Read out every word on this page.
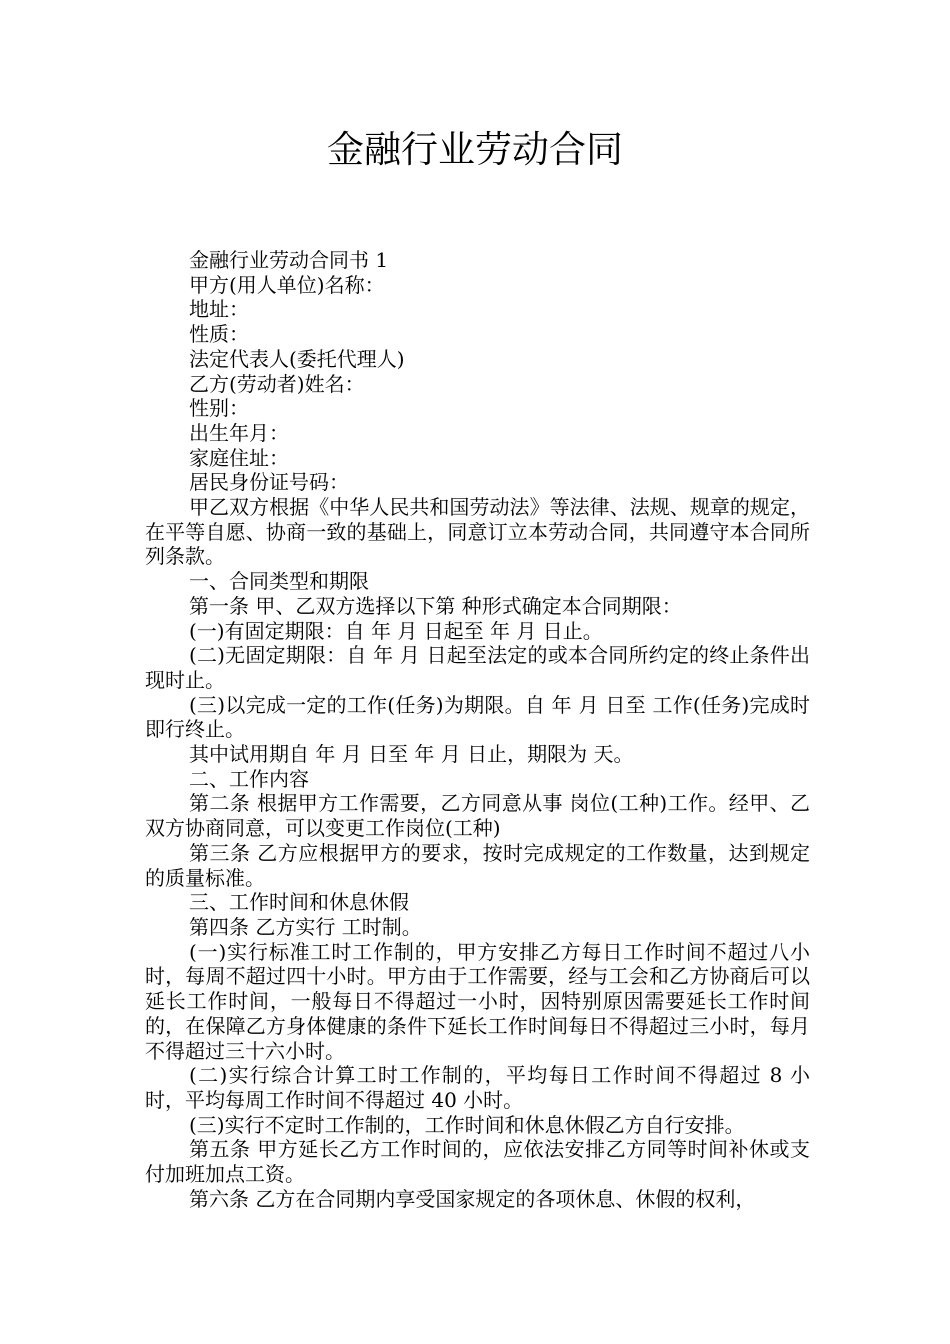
金融行业劳动合同

金融行业劳动合同书 1

甲方(用人单位)名称：

地址：

性质：

法定代表人(委托代理人)

乙方(劳动者)姓名：

性别：

出生年月：

家庭住址：

居民身份证号码：

甲乙双方根据《中华人民共和国劳动法》等法律、法规、规章的规定，在平等自愿、协商一致的基础上，同意订立本劳动合同，共同遵守本合同所列条款。

一、合同类型和期限

第一条 甲、乙双方选择以下第 种形式确定本合同期限：

(一)有固定期限：自 年 月 日起至 年 月 日止。

(二)无固定期限：自 年 月 日起至法定的或本合同所约定的终止条件出现时止。

(三)以完成一定的工作(任务)为期限。自 年 月 日至 工作(任务)完成时即行终止。

其中试用期自 年 月 日至 年 月 日止，期限为 天。

二、工作内容

第二条 根据甲方工作需要，乙方同意从事 岗位(工种)工作。经甲、乙双方协商同意，可以变更工作岗位(工种)

第三条 乙方应根据甲方的要求，按时完成规定的工作数量，达到规定的质量标准。

三、工作时间和休息休假

第四条 乙方实行 工时制。

(一)实行标准工时工作制的，甲方安排乙方每日工作时间不超过八小时，每周不超过四十小时。甲方由于工作需要，经与工会和乙方协商后可以延长工作时间，一般每日不得超过一小时，因特别原因需要延长工作时间的，在保障乙方身体健康的条件下延长工作时间每日不得超过三小时，每月不得超过三十六小时。

(二)实行综合计算工时工作制的，平均每日工作时间不得超过 8 小时，平均每周工作时间不得超过 40 小时。

(三)实行不定时工作制的，工作时间和休息休假乙方自行安排。

第五条 甲方延长乙方工作时间的，应依法安排乙方同等时间补休或支付加班加点工资。

第六条 乙方在合同期内享受国家规定的各项休息、休假的权利，
